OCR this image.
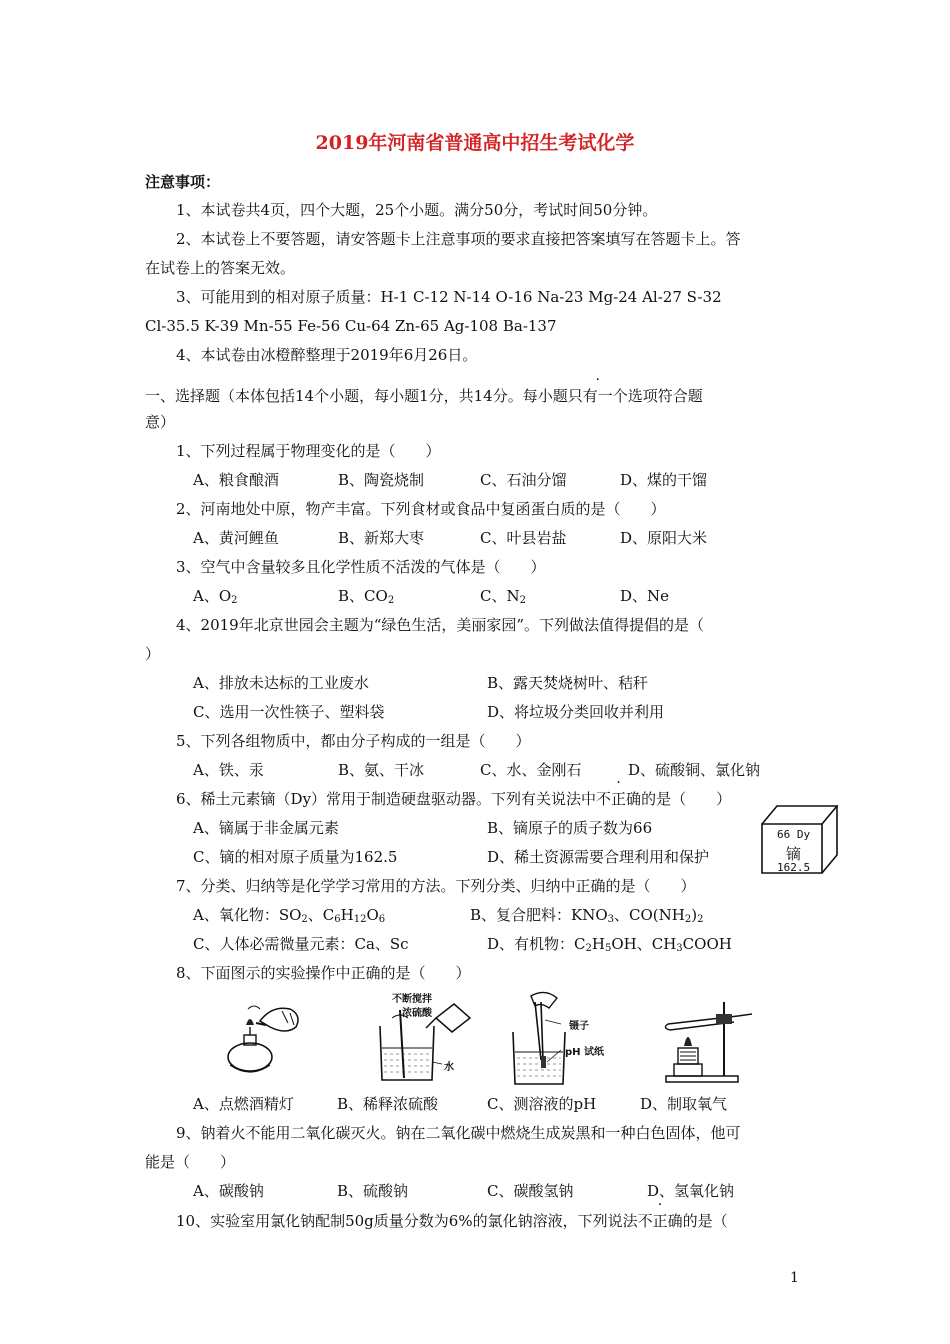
2019年河南省普通高中招生考试化学
注意事项：
1、本试卷共4页，四个大题，25个小题。满分50分，考试时间50分钟。
2、本试卷上不要答题，请安答题卡上注意事项的要求直接把答案填写在答题卡上。答
在试卷上的答案无效。
3、可能用到的相对原子质量：H-1 C-12 N-14 O-16 Na-23 Mg-24 Al-27 S-32
Cl-35.5 K-39 Mn-55 Fe-56 Cu-64 Zn-65 Ag-108 Ba-137
4、本试卷由冰橙醉整理于2019年6月26日。
一、选择题（本体包括14个小题，每小题1分，共14分。每小题只有一个选项符合题
意）
1、下列过程属于物理变化的是（　　）
A、粮食酿酒	B、陶瓷烧制	C、石油分馏	D、煤的干馏
2、河南地处中原，物产丰富。下列食材或食品中复函蛋白质的是（　　）
A、黄河鲤鱼	B、新郑大枣	C、叶县岩盐	D、原阳大米
3、空气中含量较多且化学性质不活泼的气体是（　　）
A、$O_2$	B、$CO_2$	C、$N_2$	D、Ne
4、2019年北京世园会主题为“绿色生活，美丽家园”。下列做法值得提倡的是（
）
A、排放未达标的工业废水	B、露天焚烧树叶、秸秆
C、选用一次性筷子、塑料袋	D、将垃圾分类回收并利用
5、下列各组物质中，都由分子构成的一组是（　　）
A、铁、汞	B、氨、干冰	C、水、金刚石	D、硫酸铜、氯化钠
6、稀土元素镝（Dy）常用于制造硬盘驱动器。下列有关说法中不正确的是（　　）
A、镝属于非金属元素	B、镝原子的质子数为66
C、镝的相对原子质量为162.5	D、稀土资源需要合理利用和保护
66 Dy
镝
162.5
7、分类、归纳等是化学学习常用的方法。下列分类、归纳中正确的是（　　）
A、氧化物：$SO_2$、$C_6H_{12}O_6$	B、复合肥料：$KNO_3$、$CO(NH_2)_2$
C、人体必需微量元素：Ca、Sc	D、有机物：$C_2H_5OH$、$CH_3COOH$
8、下面图示的实验操作中正确的是（　　）
不断搅拌
浓硫酸
水
镊子
pH 试纸
A、点燃酒精灯	B、稀释浓硫酸	C、测溶液的pH	D、制取氧气
9、钠着火不能用二氧化碳灭火。钠在二氧化碳中燃烧生成炭黑和一种白色固体，他可
能是（　　）
A、碳酸钠	B、硫酸钠	C、碳酸氢钠	D、氢氧化钠
10、实验室用氯化钠配制50g质量分数为6%的氯化钠溶液，下列说法不正确的是（
1
